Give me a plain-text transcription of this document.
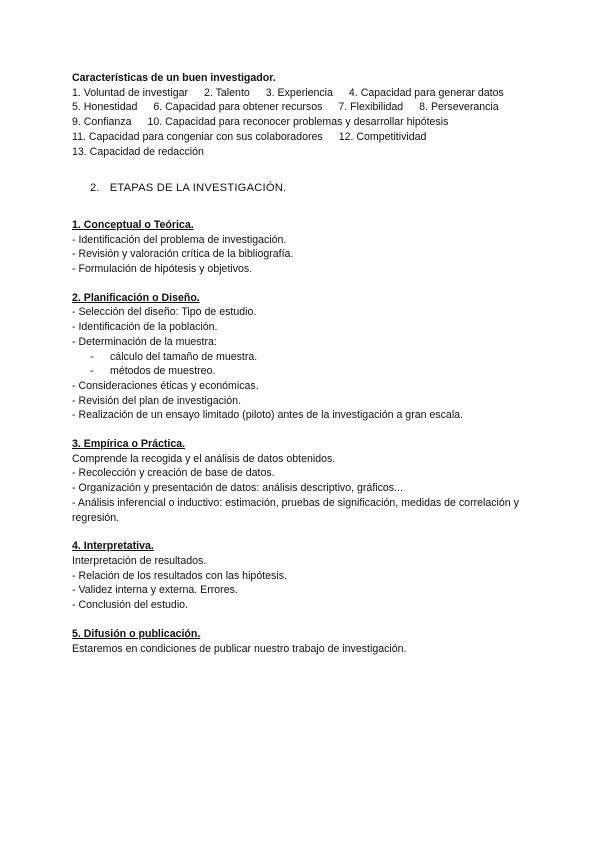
Características de un buen investigador.
1. Voluntad de investigar 2. Talento 3. Experiencia 4. Capacidad para generar datos
5. Honestidad 6. Capacidad para obtener recursos 7. Flexibilidad 8. Perseverancia
9. Confianza 10. Capacidad para reconocer problemas y desarrollar hipótesis
11. Capacidad para congeniar con sus colaboradores 12. Competitividad
13. Capacidad de redacción
2. ETAPAS DE LA INVESTIGACIÓN.
1. Conceptual o Teórica.
- Identificación del problema de investigación.
- Revisión y valoración crítica de la bibliografía.
- Formulación de hipótesis y objetivos.
2. Planificación o Diseño.
- Selección del diseño: Tipo de estudio.
- Identificación de la población.
- Determinación de la muestra:
- cálculo del tamaño de muestra.
- métodos de muestreo.
- Consideraciones éticas y económicas.
- Revisión del plan de investigación.
- Realización de un ensayo limitado (piloto) antes de la investigación a gran escala.
3. Empírica o Práctica.
Comprende la recogida y el análisis de datos obtenidos.
- Recolección y creación de base de datos.
- Organización y presentación de datos: análisis descriptivo, gráficos...
- Análisis inferencial o inductivo: estimación, pruebas de significación, medidas de correlación y regresión.
4. Interpretativa.
Interpretación de resultados.
- Relación de los resultados con las hipótesis.
- Validez interna y externa. Errores.
- Conclusión del estudio.
5. Difusión o publicación.
Estaremos en condiciones de publicar nuestro trabajo de investigación.
